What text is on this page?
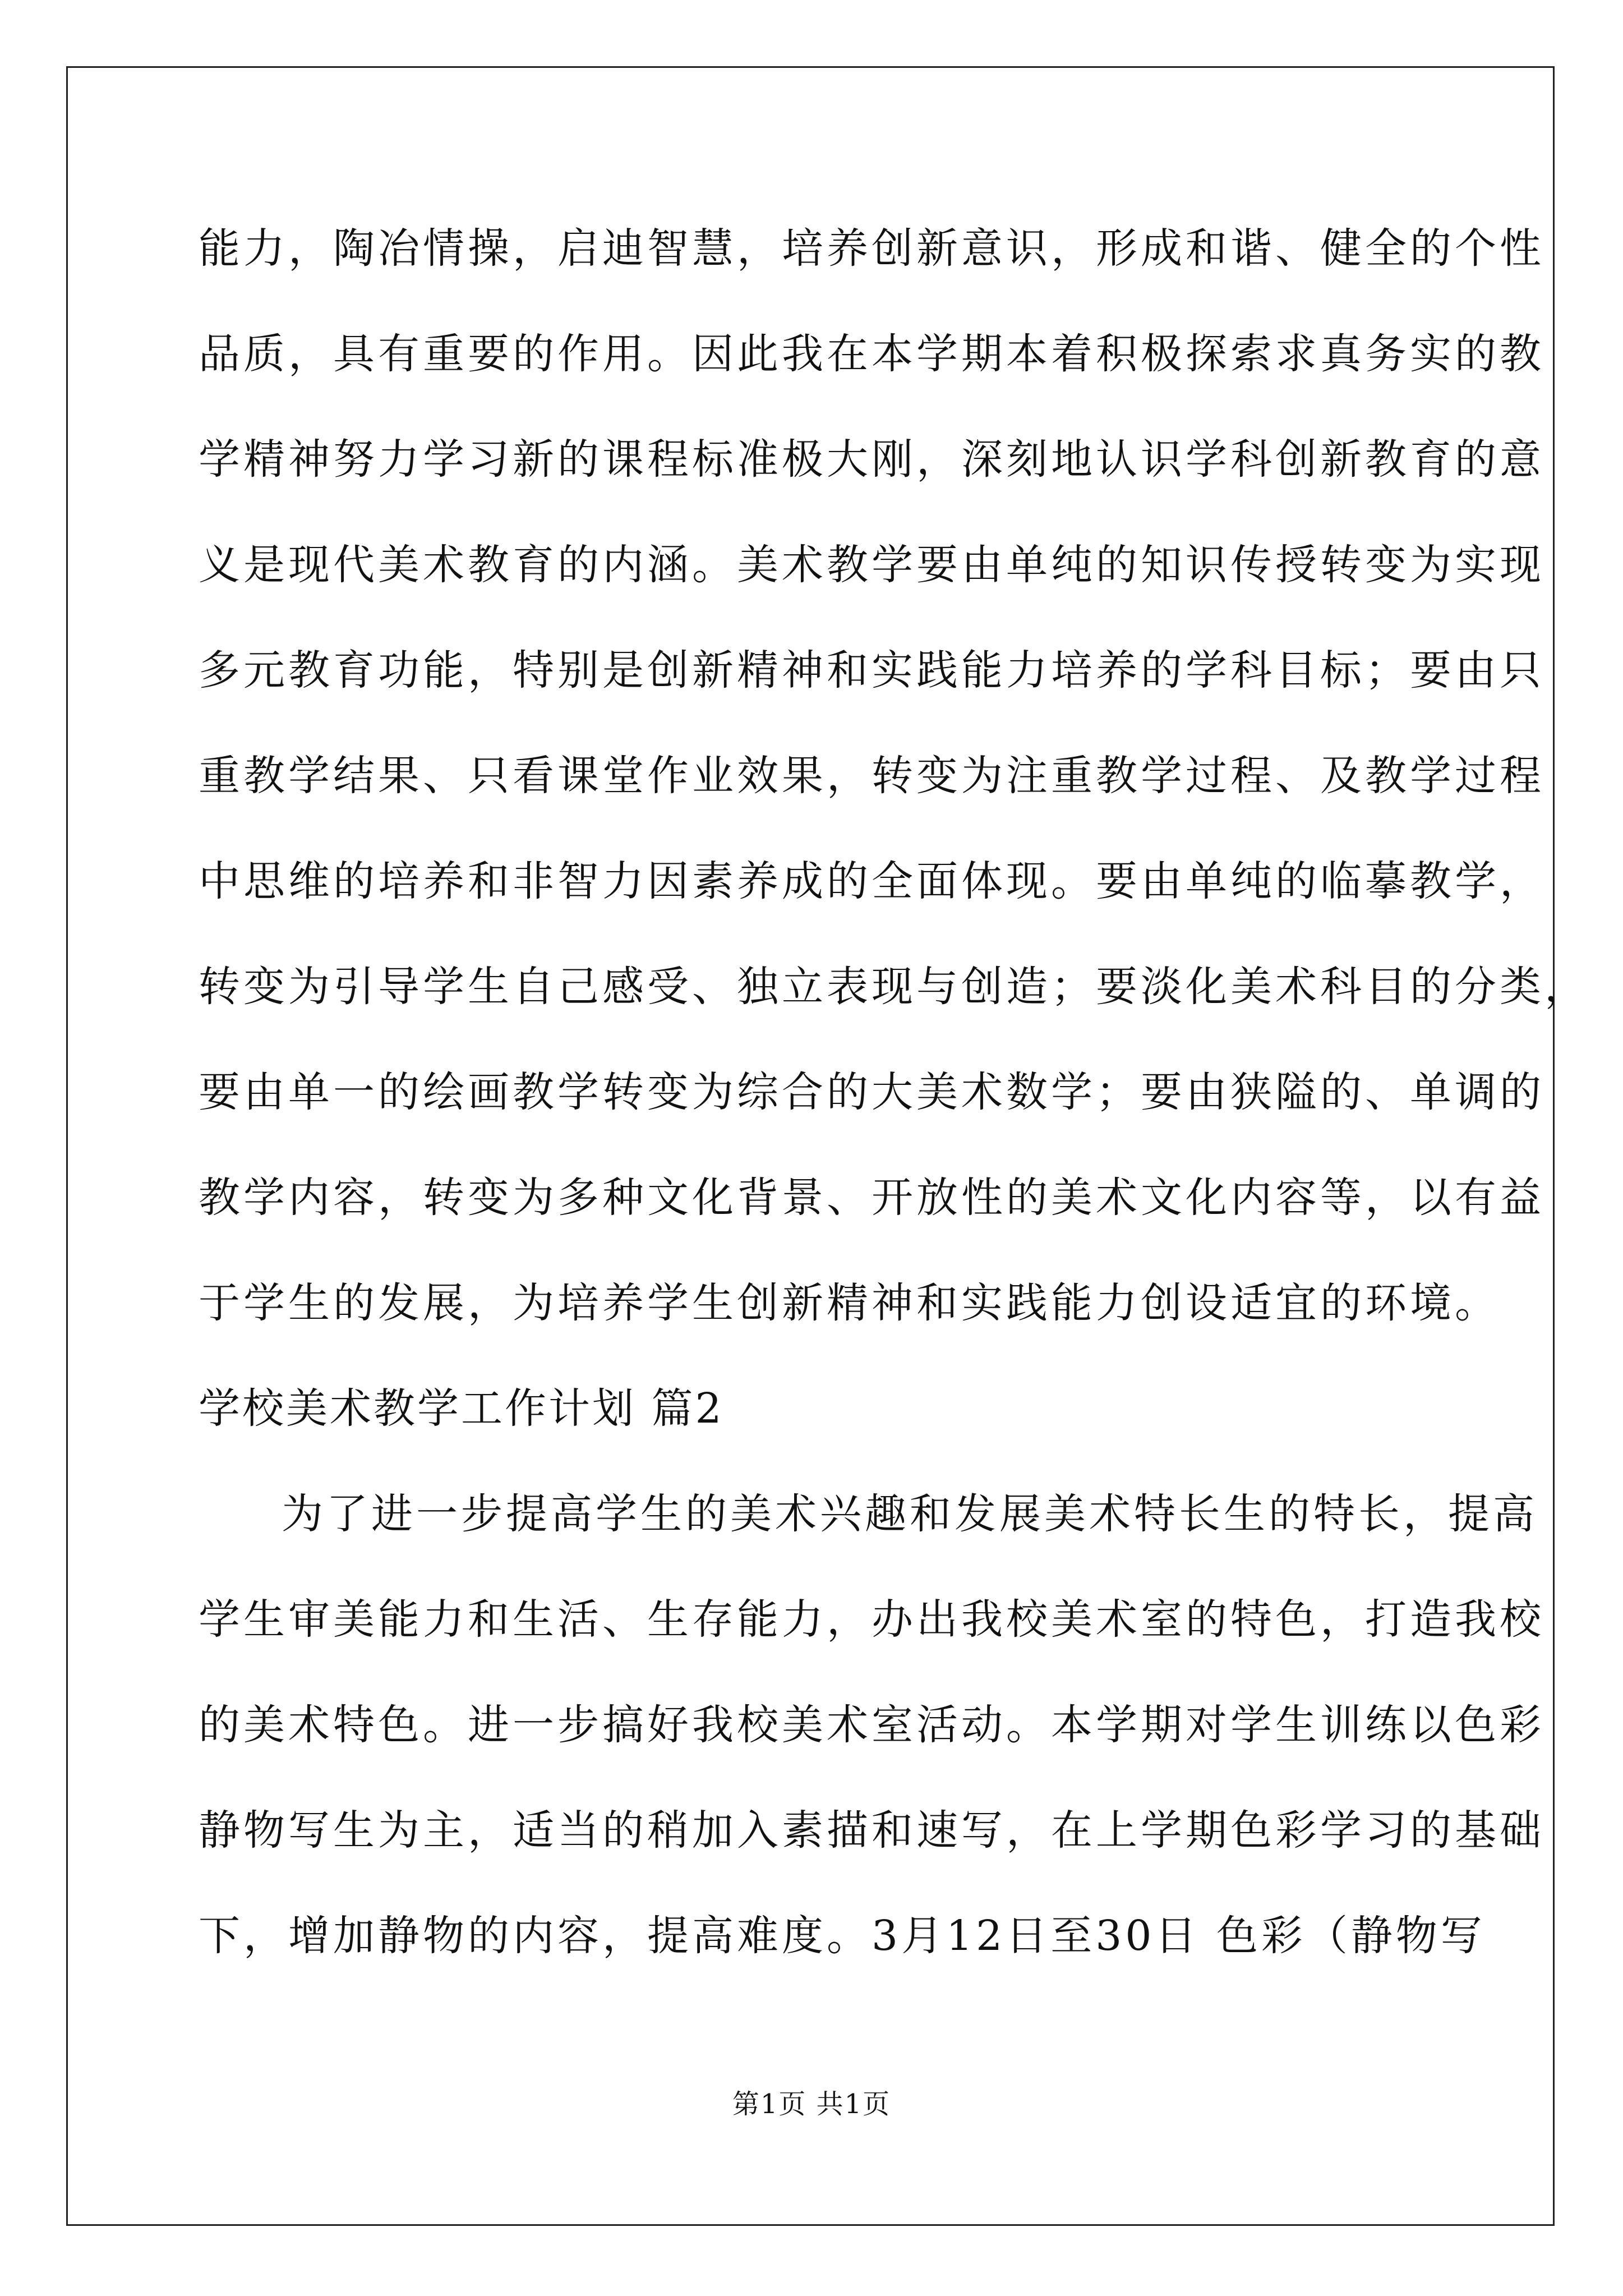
能力，陶冶情操，启迪智慧，培养创新意识，形成和谐、健全的个性
品质，具有重要的作用。因此我在本学期本着积极探索求真务实的教
学精神努力学习新的课程标准极大刚，深刻地认识学科创新教育的意
义是现代美术教育的内涵。美术教学要由单纯的知识传授转变为实现
多元教育功能，特别是创新精神和实践能力培养的学科目标；要由只
重教学结果、只看课堂作业效果，转变为注重教学过程、及教学过程
中思维的培养和非智力因素养成的全面体现。要由单纯的临摹教学，
转变为引导学生自己感受、独立表现与创造；要淡化美术科目的分类，
要由单一的绘画教学转变为综合的大美术数学；要由狭隘的、单调的
教学内容，转变为多种文化背景、开放性的美术文化内容等，以有益
于学生的发展，为培养学生创新精神和实践能力创设适宜的环境。
学校美术教学工作计划 篇2
为了进一步提高学生的美术兴趣和发展美术特长生的特长，提高
学生审美能力和生活、生存能力，办出我校美术室的特色，打造我校
的美术特色。进一步搞好我校美术室活动。本学期对学生训练以色彩
静物写生为主，适当的稍加入素描和速写，在上学期色彩学习的基础
下，增加静物的内容，提高难度。3月12日至30日 色彩（静物写
第1页 共1页
